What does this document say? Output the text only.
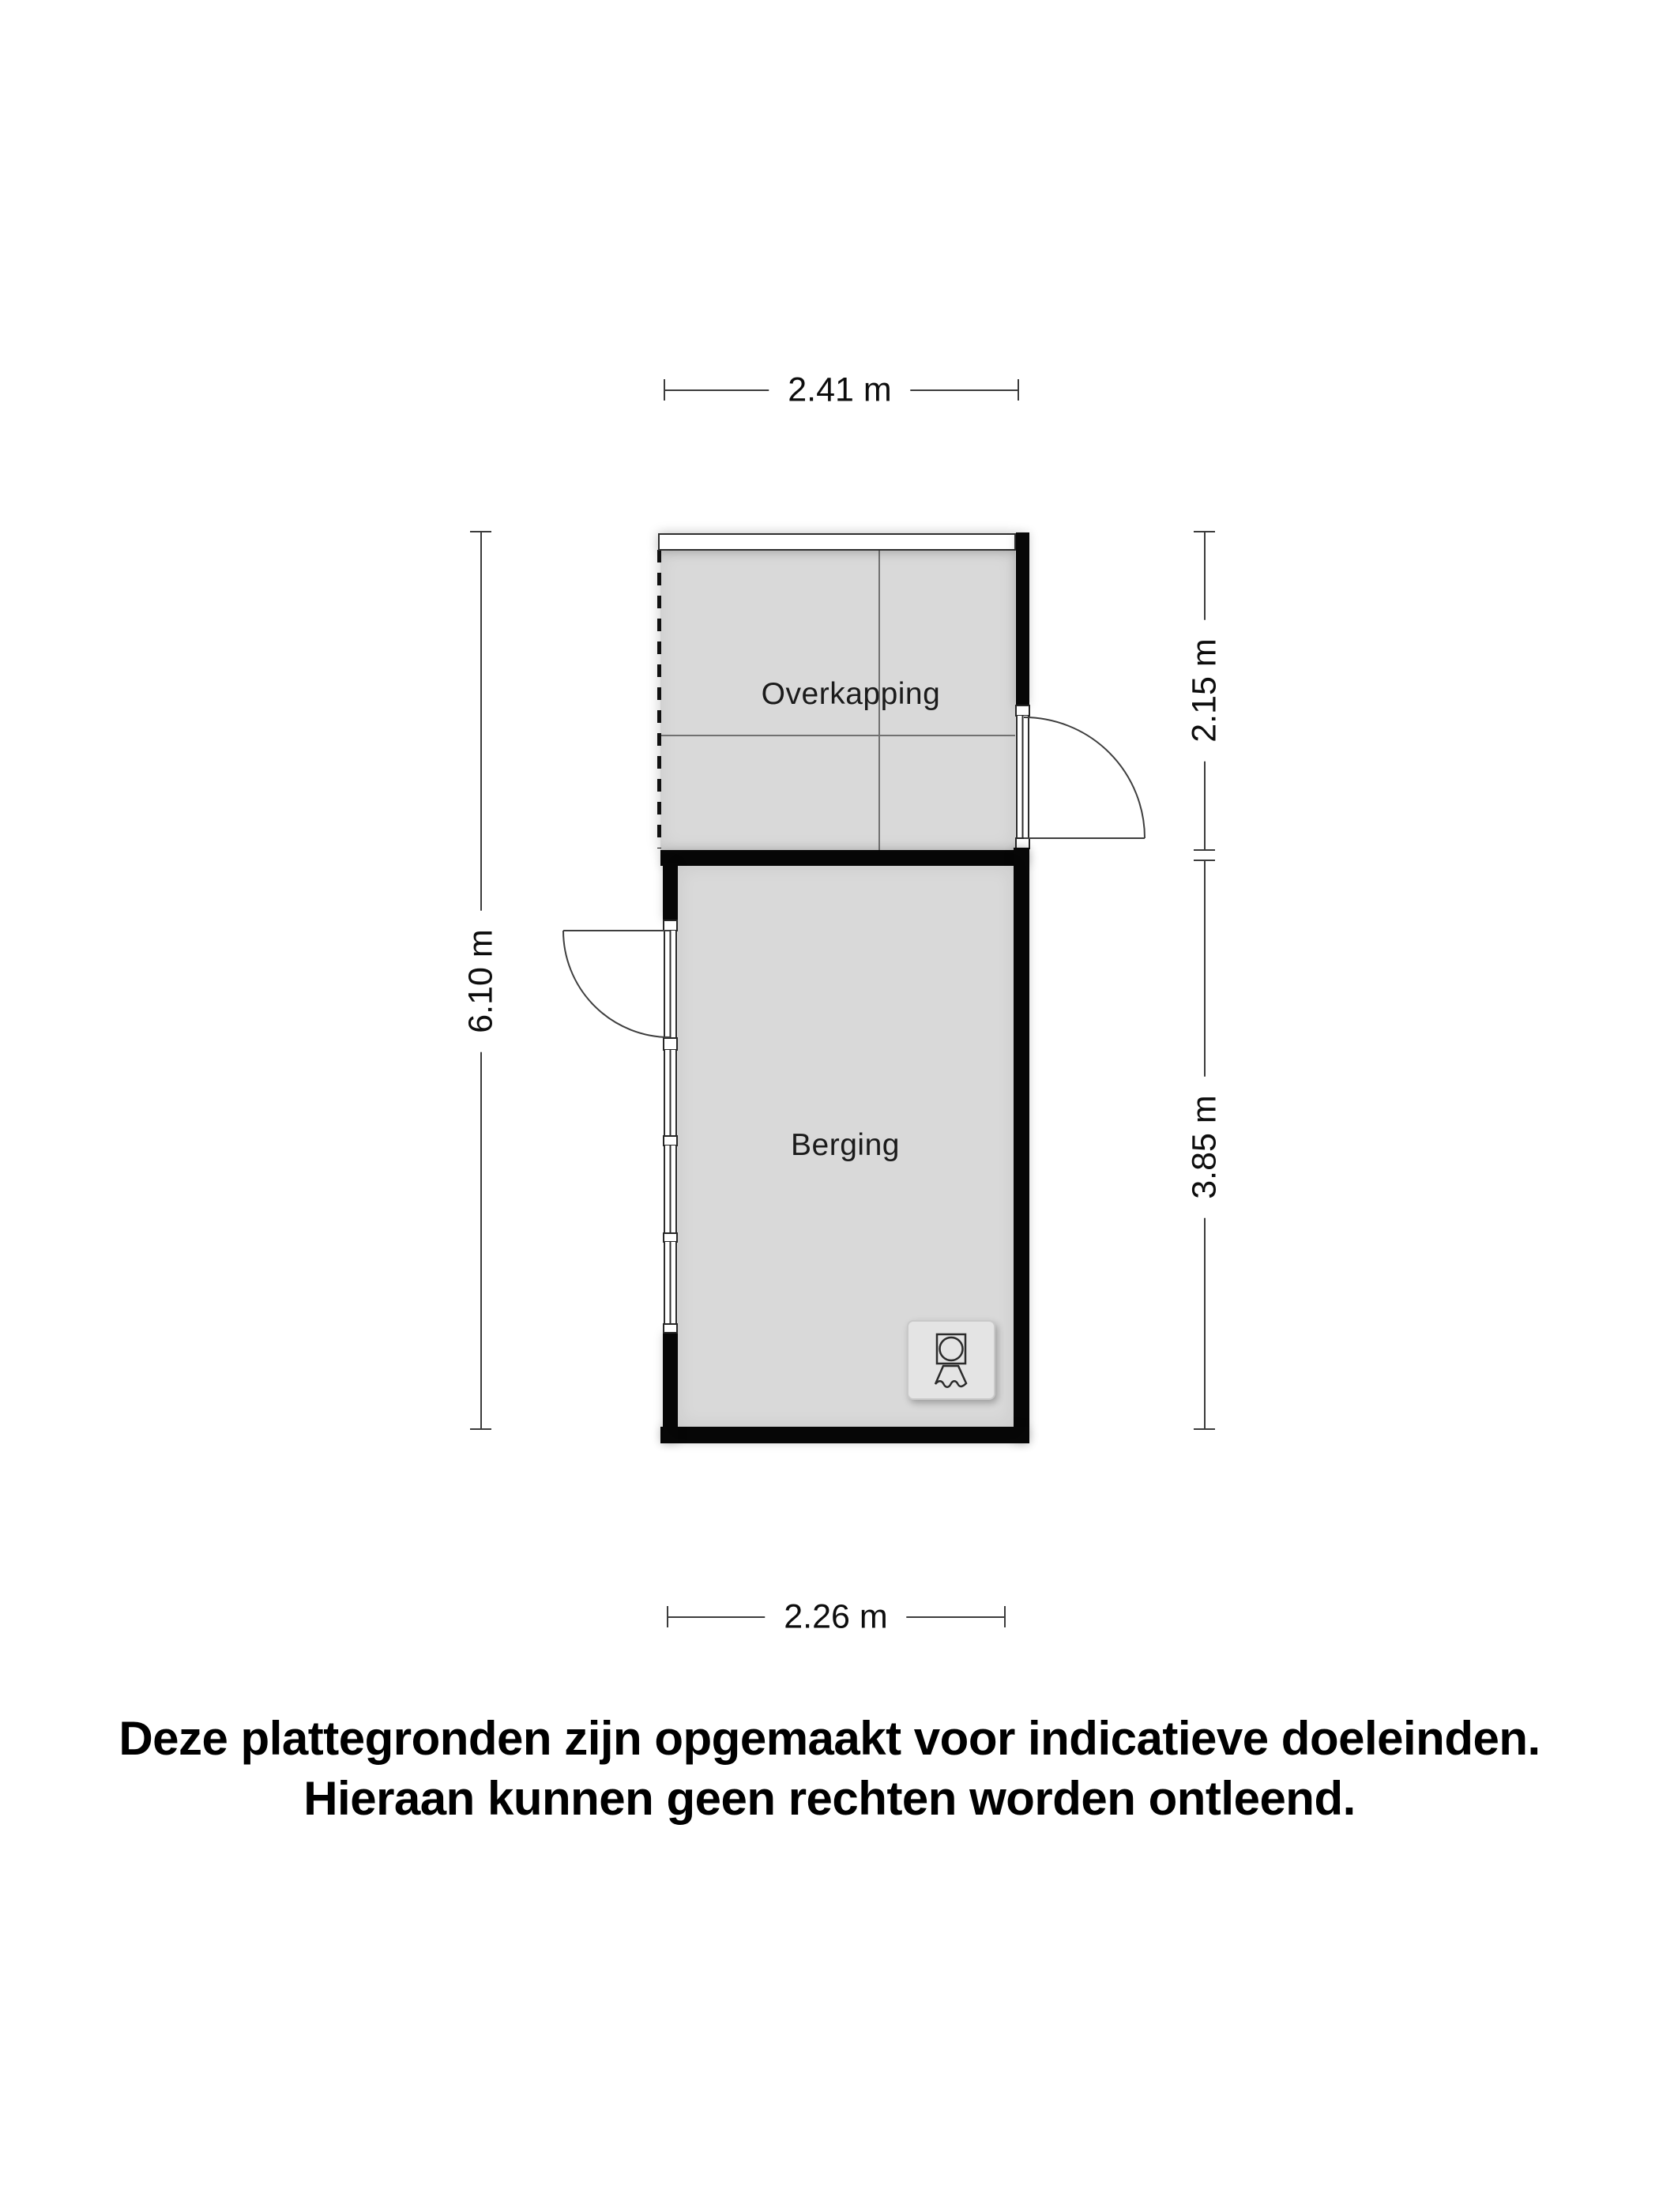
Overkapping
Berging
2.41 m
6.10 m
2.15 m
3.85 m
2.26 m
Deze plattegronden zijn opgemaakt voor indicatieve doeleinden.
Hieraan kunnen geen rechten worden ontleend.
